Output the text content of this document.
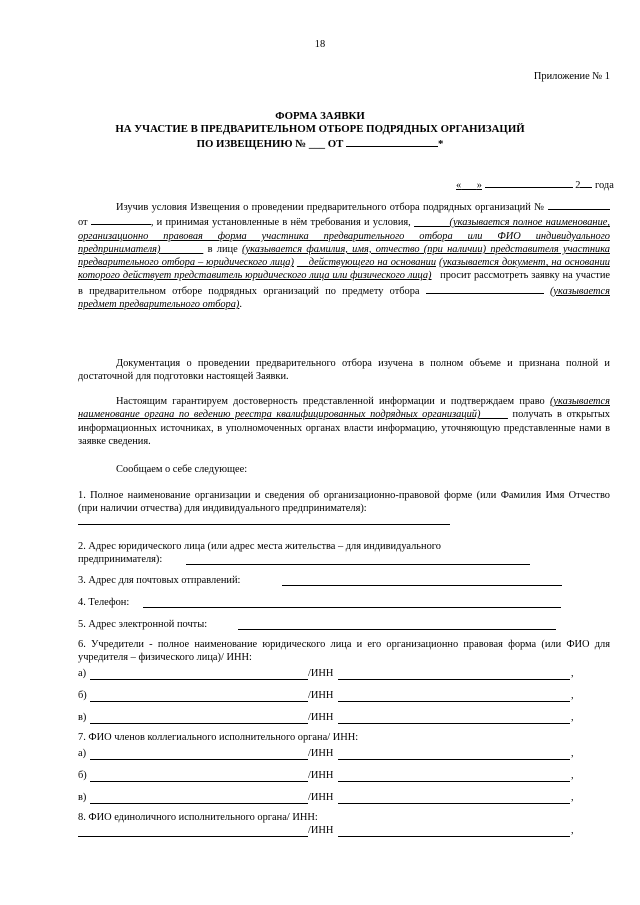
18
Приложение № 1
ФОРМА ЗАЯВКИ
НА УЧАСТИЕ В ПРЕДВАРИТЕЛЬНОМ ОТБОРЕ ПОДРЯДНЫХ ОРГАНИЗАЦИЙ
ПО ИЗВЕЩЕНИЮ № ___ ОТ	*
« »	2 года
Изучив условия Извещения о проведении предварительного отбора подрядных организаций №  от	, и принимая установленные в нём требования и условия,	(указывается полное наименование, организационно правовая форма участника предварительного отбора или ФИО индивидуального предпринимателя)	в лице (указывается фамилия, имя, отчество (при наличии) представителя участника предварительного отбора – юридического лица) действующего на основании (указывается документ, на основании которого действует представитель юридического лица или физического лица) просит рассмотреть заявку на участие в предварительном отборе подрядных организаций по предмету отбора	(указывается предмет предварительного отбора).
Документация о проведении предварительного отбора изучена в полном объеме и признана полной и достаточной для подготовки настоящей Заявки.
Настоящим гарантируем достоверность представленной информации и подтверждаем право (указывается наименование органа по ведению реестра квалифицированных подрядных организаций)	получать в открытых информационных источниках, в уполномоченных органах власти информацию, уточняющую представленные нами в заявке сведения.
Сообщаем о себе следующее:
1. Полное наименование организации и сведения об организационно-правовой форме (или Фамилия Имя Отчество (при наличии отчества) для индивидуального предпринимателя):
2. Адрес юридического лица (или адрес места жительства – для индивидуального
предпринимателя):
3. Адрес для почтовых отправлений:
4. Телефон:
5. Адрес электронной почты:
6. Учредители - полное наименование юридического лица и его организационно правовая форма (или ФИО для учредителя – физического лица)/ ИНН:
а)	/ИНН	,
б)	/ИНН	,
в)	/ИНН	,
7. ФИО членов коллегиального исполнительного органа/ ИНН:
а)	/ИНН	,
б)	/ИНН	,
в)	/ИНН	,
8. ФИО единоличного исполнительного органа/ ИНН:
/ИНН	,
